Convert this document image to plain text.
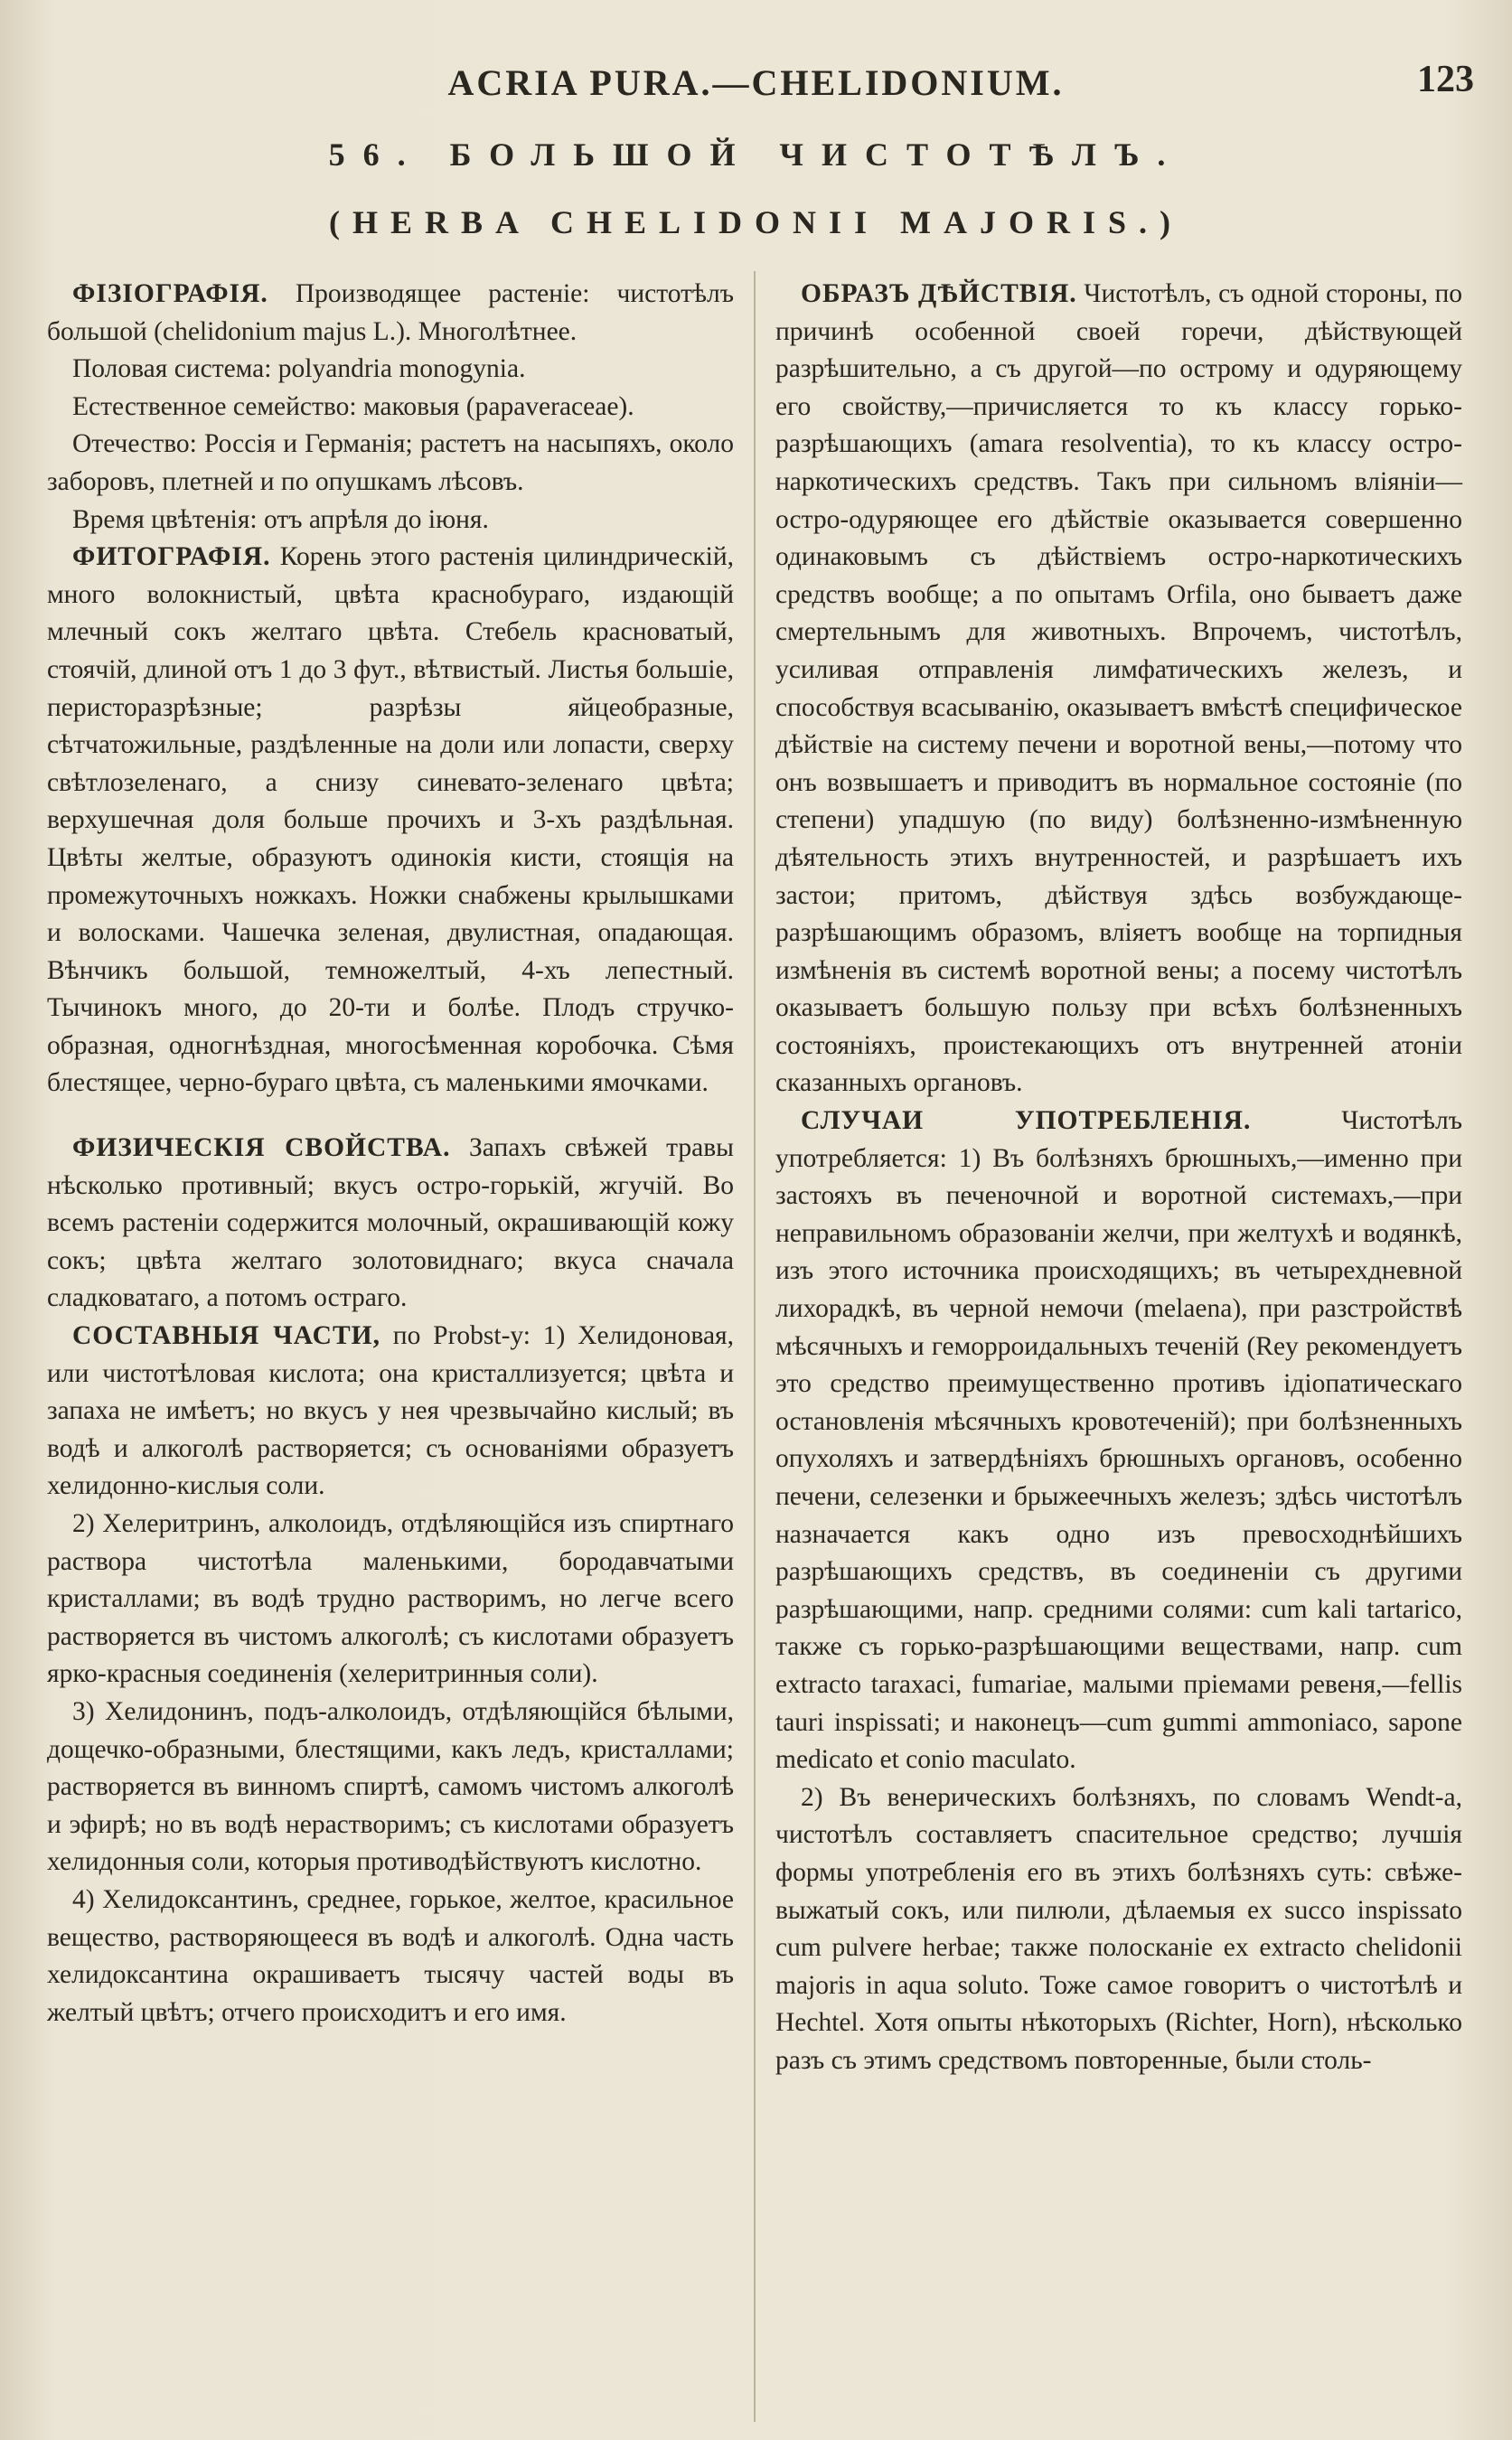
ACRIA PURA.—CHELIDONIUM.	123
56. БОЛЬШОЙ ЧИСТОТѢЛЪ.
(HERBA CHELIDONII MAJORIS.)

ФІЗІОГРАФІЯ. Производящее растеніе: чистотѣлъ большой (chelidonium majus L.). Многолѣтнее.

Половая система: polyandria monogynia.

Естественное семейство: маковыя (papaveraceae).

Отечество: Россія и Германія; растетъ на насыпяхъ, около заборовъ, плетней и по опушкамъ лѣсовъ.

Время цвѣтенія: отъ апрѣля до іюня.

ФИТОГРАФІЯ. Корень этого растенія цилиндрическій, много волокнистый, цвѣта краснобураго, издающій млечный сокъ желтаго цвѣта. Стебель красноватый, стоячій, длиной отъ 1 до 3 фут., вѣтвистый. Листья большіе, перисторазрѣзные; разрѣзы яйцеобразные, сѣтчатожильные, раздѣленные на доли или лопасти, сверху свѣтлозеленаго, а снизу синевато-зеленаго цвѣта; верхушечная доля больше прочихъ и 3-хъ раздѣльная. Цвѣты желтые, образуютъ одинокія кисти, стоящія на промежуточныхъ ножкахъ. Ножки снабжены крылышками и волосками. Чашечка зеленая, двулистная, опадающая. Вѣнчикъ большой, темножелтый, 4-хъ лепестный. Тычинокъ много, до 20-ти и болѣе. Плодъ стручко-образная, одногнѣздная, многосѣменная коробочка. Сѣмя блестящее, черно-бураго цвѣта, съ маленькими ямочками.

ФИЗИЧЕСКІЯ СВОЙСТВА. Запахъ свѣжей травы нѣсколько противный; вкусъ остро-горькій, жгучій. Во всемъ растеніи содержится молочный, окрашивающій кожу сокъ; цвѣта желтаго золотовиднаго; вкуса сначала сладковатаго, а потомъ остраго.

СОСТАВНЫЯ ЧАСТИ, по Probst-у: 1) Хелидоновая, или чистотѣловая кислота; она кристаллизуется; цвѣта и запаха не имѣетъ; но вкусъ у нея чрезвычайно кислый; въ водѣ и алкоголѣ растворяется; съ основаніями образуетъ хелидонно-кислыя соли.

2) Хелеритринъ, алколоидъ, отдѣляющійся изъ спиртнаго раствора чистотѣла маленькими, бородавчатыми кристаллами; въ водѣ трудно растворимъ, но легче всего растворяется въ чистомъ алкоголѣ; съ кислотами образуетъ ярко-красныя соединенія (хелеритринныя соли).

3) Хелидонинъ, подъ-алколоидъ, отдѣляющійся бѣлыми, дощечко-образными, блестящими, какъ ледъ, кристаллами; растворяется въ винномъ спиртѣ, самомъ чистомъ алкоголѣ и эфирѣ; но въ водѣ нерастворимъ; съ кислотами образуетъ хелидонныя соли, которыя противодѣйствуютъ кислотно.

4) Хелидоксантинъ, среднее, горькое, желтое, красильное вещество, растворяющееся въ водѣ и алкоголѣ. Одна часть хелидоксантина окрашиваетъ тысячу частей воды въ желтый цвѣтъ; отчего происходитъ и его имя.

ОБРАЗЪ ДѢЙСТВІЯ. Чистотѣлъ, съ одной стороны, по причинѣ особенной своей горечи, дѣйствующей разрѣшительно, а съ другой—по острому и одуряющему его свойству,—причисляется то къ классу горько-разрѣшающихъ (amara resolventia), то къ классу остро-наркотическихъ средствъ. Такъ при сильномъ вліяніи—остро-одуряющее его дѣйствіе оказывается совершенно одинаковымъ съ дѣйствіемъ остро-наркотическихъ средствъ вообще; а по опытамъ Orfila, оно бываетъ даже смертельнымъ для животныхъ. Впрочемъ, чистотѣлъ, усиливая отправленія лимфатическихъ железъ, и способствуя всасыванію, оказываетъ вмѣстѣ специфическое дѣйствіе на систему печени и воротной вены,—потому что онъ возвышаетъ и приводитъ въ нормальное состояніе (по степени) упадшую (по виду) болѣзненно-измѣненную дѣятельность этихъ внутренностей, и разрѣшаетъ ихъ застои; притомъ, дѣйствуя здѣсь возбуждающе-разрѣшающимъ образомъ, вліяетъ вообще на торпидныя измѣненія въ системѣ воротной вены; а посему чистотѣлъ оказываетъ большую пользу при всѣхъ болѣзненныхъ состояніяхъ, проистекающихъ отъ внутренней атоніи сказанныхъ органовъ.

СЛУЧАИ УПОТРЕБЛЕНІЯ.	Чистотѣлъ употребляется: 1) Въ болѣзняхъ брюшныхъ,—именно при застояхъ въ печеночной и воротной системахъ,—при неправильномъ образованіи желчи, при желтухѣ и водянкѣ, изъ этого источника происходящихъ; въ четырехдневной лихорадкѣ, въ черной немочи (melaena), при разстройствѣ мѣсячныхъ и геморроидальныхъ теченій (Rey рекомендуетъ это средство преимущественно противъ ідіопатическаго остановленія мѣсячныхъ кровотеченій); при болѣзненныхъ опухоляхъ и затвердѣніяхъ брюшныхъ органовъ, особенно печени, селезенки и брыжеечныхъ железъ; здѣсь чистотѣлъ назначается какъ одно изъ превосходнѣйшихъ разрѣшающихъ средствъ, въ соединеніи съ другими разрѣшающими, напр. средними солями: cum kali tartarico, также съ горько-разрѣшающими веществами, напр. cum extracto taraxaci, fumariae, малыми пріемами ревеня,—fellis tauri inspissati; и наконецъ—cum gummi ammoniaco, sapone medicato et conio maculato.

2) Въ венерическихъ болѣзняхъ, по словамъ Wendt-а, чистотѣлъ составляетъ спасительное средство; лучшія формы употребленія его въ этихъ болѣзняхъ суть: свѣже-выжатый сокъ, или пилюли, дѣлаемыя ex succo inspissato cum pulvere herbae; также полосканіе ex extracto chelidonii majoris in aqua soluto. Тоже самое говоритъ о чистотѣлѣ и Hechtel. Хотя опыты нѣкоторыхъ (Richter, Horn), нѣсколько разъ съ этимъ средствомъ повторенные, были столь-
